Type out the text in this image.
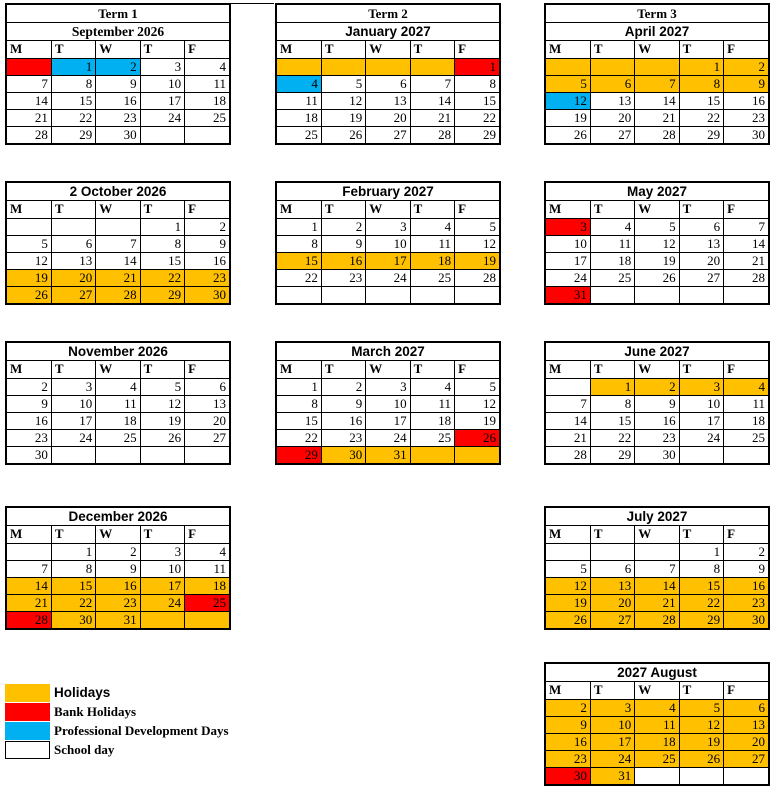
Term 1
September 2026
M	T	W	T	F
	1	2	3	4
7	8	9	10	11
14	15	16	17	18
21	22	23	24	25
28	29	30		
Term 2
January 2027
M	T	W	T	F
				1
4	5	6	7	8
11	12	13	14	15
18	19	20	21	22
25	26	27	28	29
Term 3
April 2027
M	T	W	T	F
			1	2
5	6	7	8	9
12	13	14	15	16
19	20	21	22	23
26	27	28	29	30
2 October 2026
M	T	W	T	F
			1	2
5	6	7	8	9
12	13	14	15	16
19	20	21	22	23
26	27	28	29	30
February 2027
M	T	W	T	F
1	2	3	4	5
8	9	10	11	12
15	16	17	18	19
22	23	24	25	28

May 2027
M	T	W	T	F
3	4	5	6	7
10	11	12	13	14
17	18	19	20	21
24	25	26	27	28
31				
November 2026
M	T	W	T	F
2	3	4	5	6
9	10	11	12	13
16	17	18	19	20
23	24	25	26	27
30				
March 2027
M	T	W	T	F
1	2	3	4	5
8	9	10	11	12
15	16	17	18	19
22	23	24	25	26
29	30	31		
June 2027
M	T	W	T	F
	1	2	3	4
7	8	9	10	11
14	15	16	17	18
21	22	23	24	25
28	29	30		
December 2026
M	T	W	T	F
	1	2	3	4
7	8	9	10	11
14	15	16	17	18
21	22	23	24	25
28	30	31		
July 2027
M	T	W	T	F
			1	2
5	6	7	8	9
12	13	14	15	16
19	20	21	22	23
26	27	28	29	30
2027 August
M	T	W	T	F
2	3	4	5	6
9	10	11	12	13
16	17	18	19	20
23	24	25	26	27
30	31			
Holidays
Bank Holidays
Professional Development Days
School day
